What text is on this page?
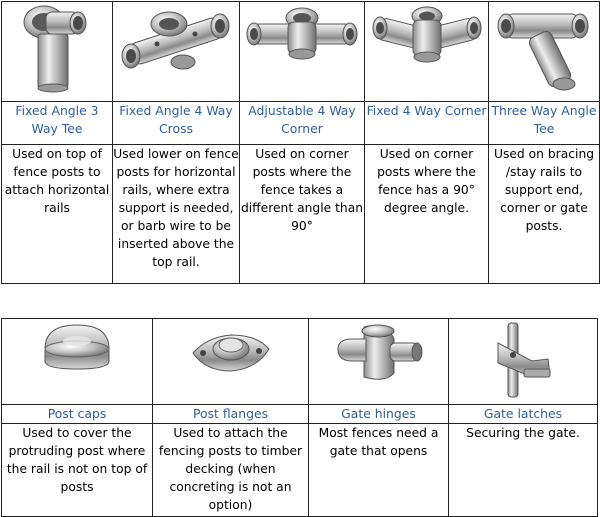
Fixed Angle 3 Way Tee	Fixed Angle 4 Way Cross	Adjustable 4 Way Corner	Fixed 4 Way Corner	Three Way Angle Tee
Used on top of fence posts to attach horizontal rails	Used lower on fence posts for horizontal rails, where extra support is needed, or barb wire to be inserted above the top rail.	Used on corner posts where the fence takes a different angle than 90°	Used on corner posts where the fence has a 90° degree angle.	Used on bracing /stay rails to support end, corner or gate posts.

Post caps	Post flanges	Gate hinges	Gate latches
Used to cover the protruding post where the rail is not on top of posts	Used to attach the fencing posts to timber decking (when concreting is not an option)	Most fences need a gate that opens	Securing the gate.
